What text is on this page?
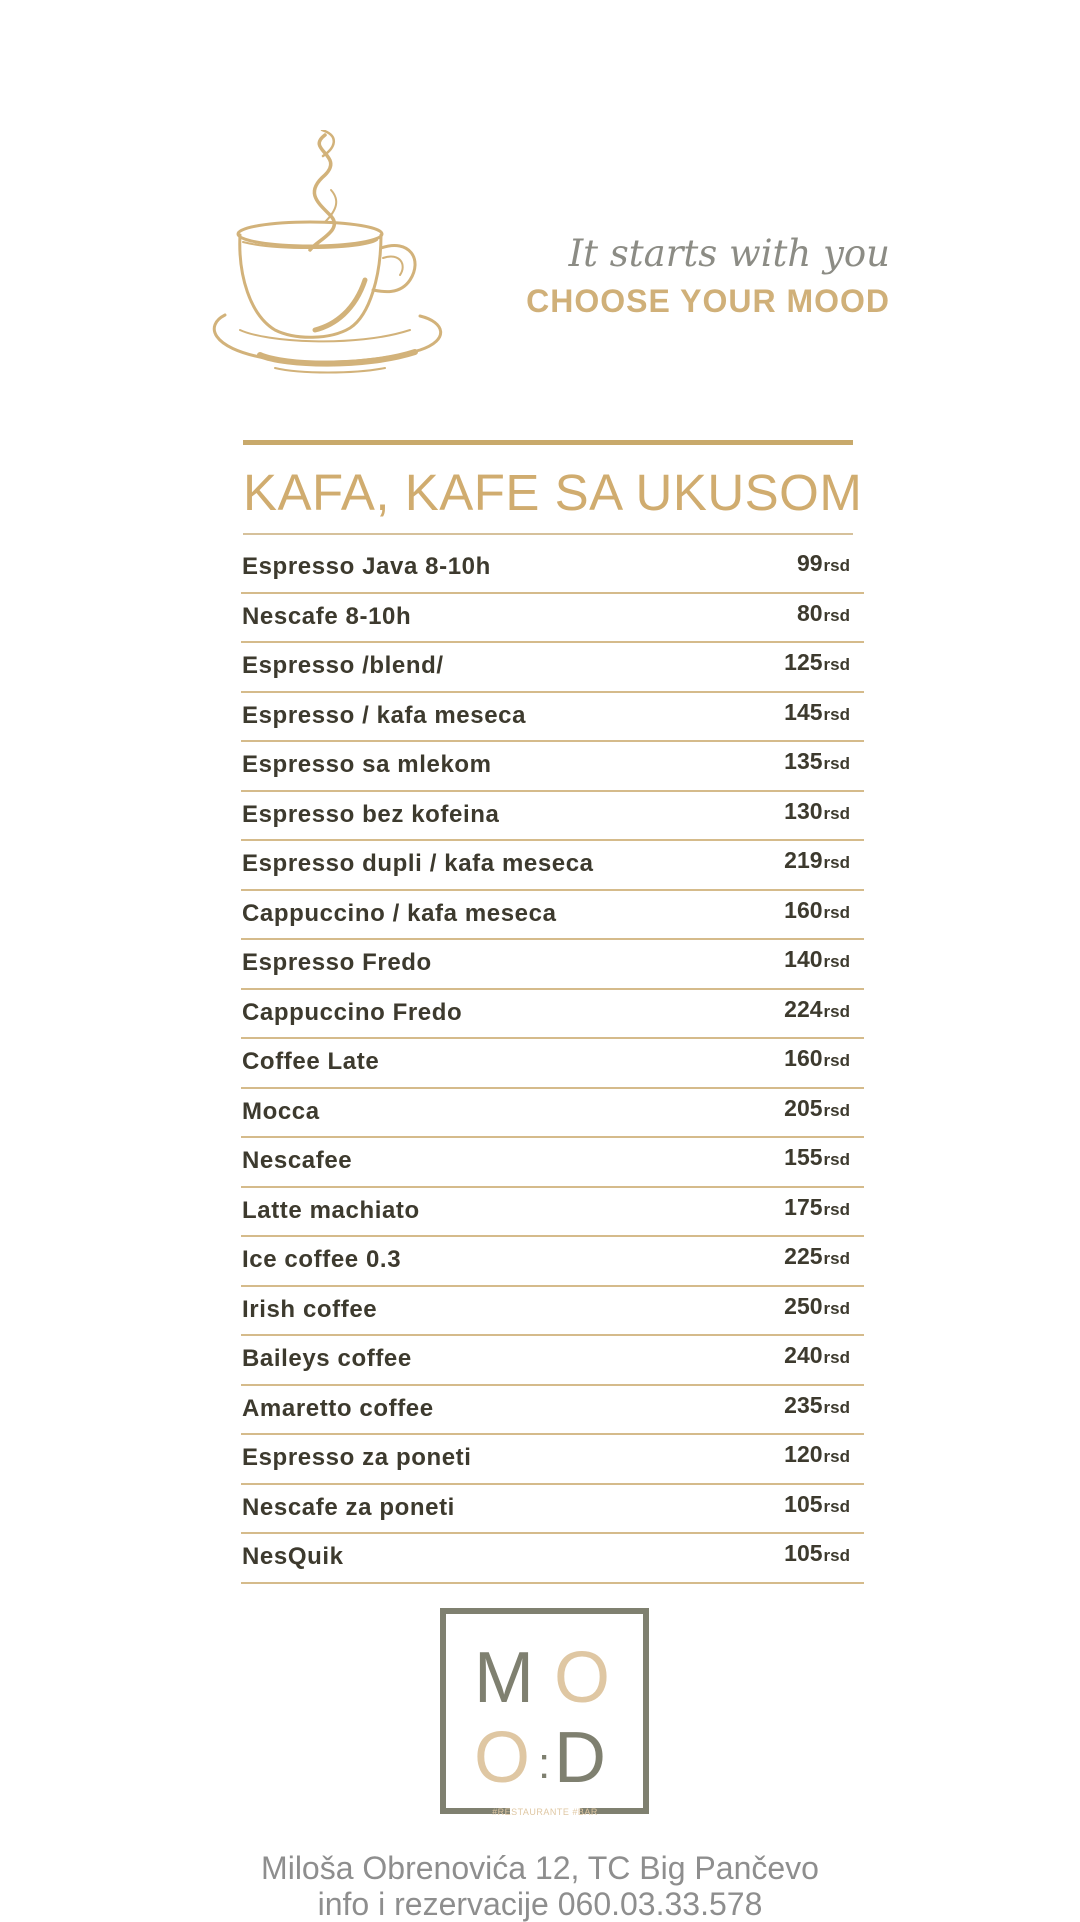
It starts with you
CHOOSE YOUR MOOD
KAFA, KAFE SA UKUSOM
Espresso Java 8-10h	99rsd
Nescafe 8-10h	80rsd
Espresso /blend/	125rsd
Espresso / kafa meseca	145rsd
Espresso sa mlekom	135rsd
Espresso bez kofeina	130rsd
Espresso dupli / kafa meseca	219rsd
Cappuccino / kafa meseca	160rsd
Espresso Fredo	140rsd
Cappuccino Fredo	224rsd
Coffee Late	160rsd
Mocca	205rsd
Nescafee	155rsd
Latte machiato	175rsd
Ice coffee 0.3	225rsd
Irish coffee	250rsd
Baileys coffee	240rsd
Amaretto coffee	235rsd
Espresso za poneti	120rsd
Nescafe za poneti	105rsd
NesQuik	105rsd
M O
O : D
#RESTAURANTE #BAR
Miloša Obrenovića 12, TC Big Pančevo
info i rezervacije 060.03.33.578
